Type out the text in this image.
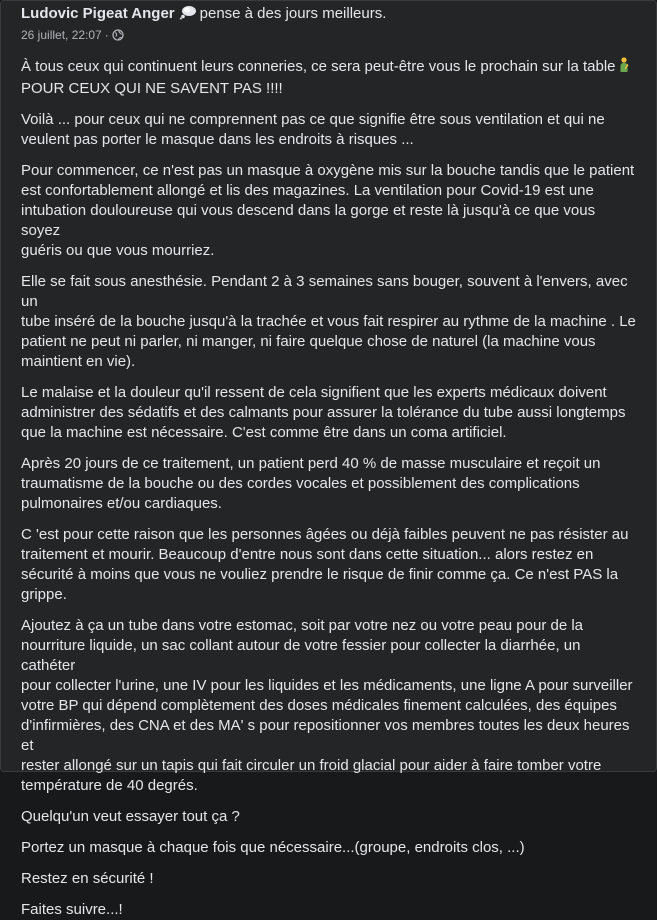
Ludovic Pigeat Anger pense à des jours meilleurs.
26 juillet, 22:07 ·

À tous ceux qui continuent leurs conneries, ce sera peut-être vous le prochain sur la table
POUR CEUX QUI NE SAVENT PAS !!!!

Voilà ... pour ceux qui ne comprennent pas ce que signifie être sous ventilation et qui ne
veulent pas porter le masque dans les endroits à risques ...

Pour commencer, ce n'est pas un masque à oxygène mis sur la bouche tandis que le patient
est confortablement allongé et lis des magazines. La ventilation pour Covid-19 est une
intubation douloureuse qui vous descend dans la gorge et reste là jusqu'à ce que vous soyez
guéris ou que vous mourriez.

Elle se fait sous anesthésie. Pendant 2 à 3 semaines sans bouger, souvent à l'envers, avec un
tube inséré de la bouche jusqu'à la trachée et vous fait respirer au rythme de la machine . Le
patient ne peut ni parler, ni manger, ni faire quelque chose de naturel (la machine vous
maintient en vie).

Le malaise et la douleur qu'il ressent de cela signifient que les experts médicaux doivent
administrer des sédatifs et des calmants pour assurer la tolérance du tube aussi longtemps
que la machine est nécessaire. C'est comme être dans un coma artificiel.

Après 20 jours de ce traitement, un patient perd 40 % de masse musculaire et reçoit un
traumatisme de la bouche ou des cordes vocales et possiblement des complications
pulmonaires et/ou cardiaques.

C 'est pour cette raison que les personnes âgées ou déjà faibles peuvent ne pas résister au
traitement et mourir. Beaucoup d'entre nous sont dans cette situation... alors restez en
sécurité à moins que vous ne vouliez prendre le risque de finir comme ça. Ce n'est PAS la
grippe.

Ajoutez à ça un tube dans votre estomac, soit par votre nez ou votre peau pour de la
nourriture liquide, un sac collant autour de votre fessier pour collecter la diarrhée, un cathéter
pour collecter l'urine, une IV pour les liquides et les médicaments, une ligne A pour surveiller
votre BP qui dépend complètement des doses médicales finement calculées, des équipes
d'infirmières, des CNA et des MA' s pour repositionner vos membres toutes les deux heures et
rester allongé sur un tapis qui fait circuler un froid glacial pour aider à faire tomber votre
température de 40 degrés.

Quelqu'un veut essayer tout ça ?

Portez un masque à chaque fois que nécessaire...(groupe, endroits clos, ...)

Restez en sécurité !

Faites suivre...!
